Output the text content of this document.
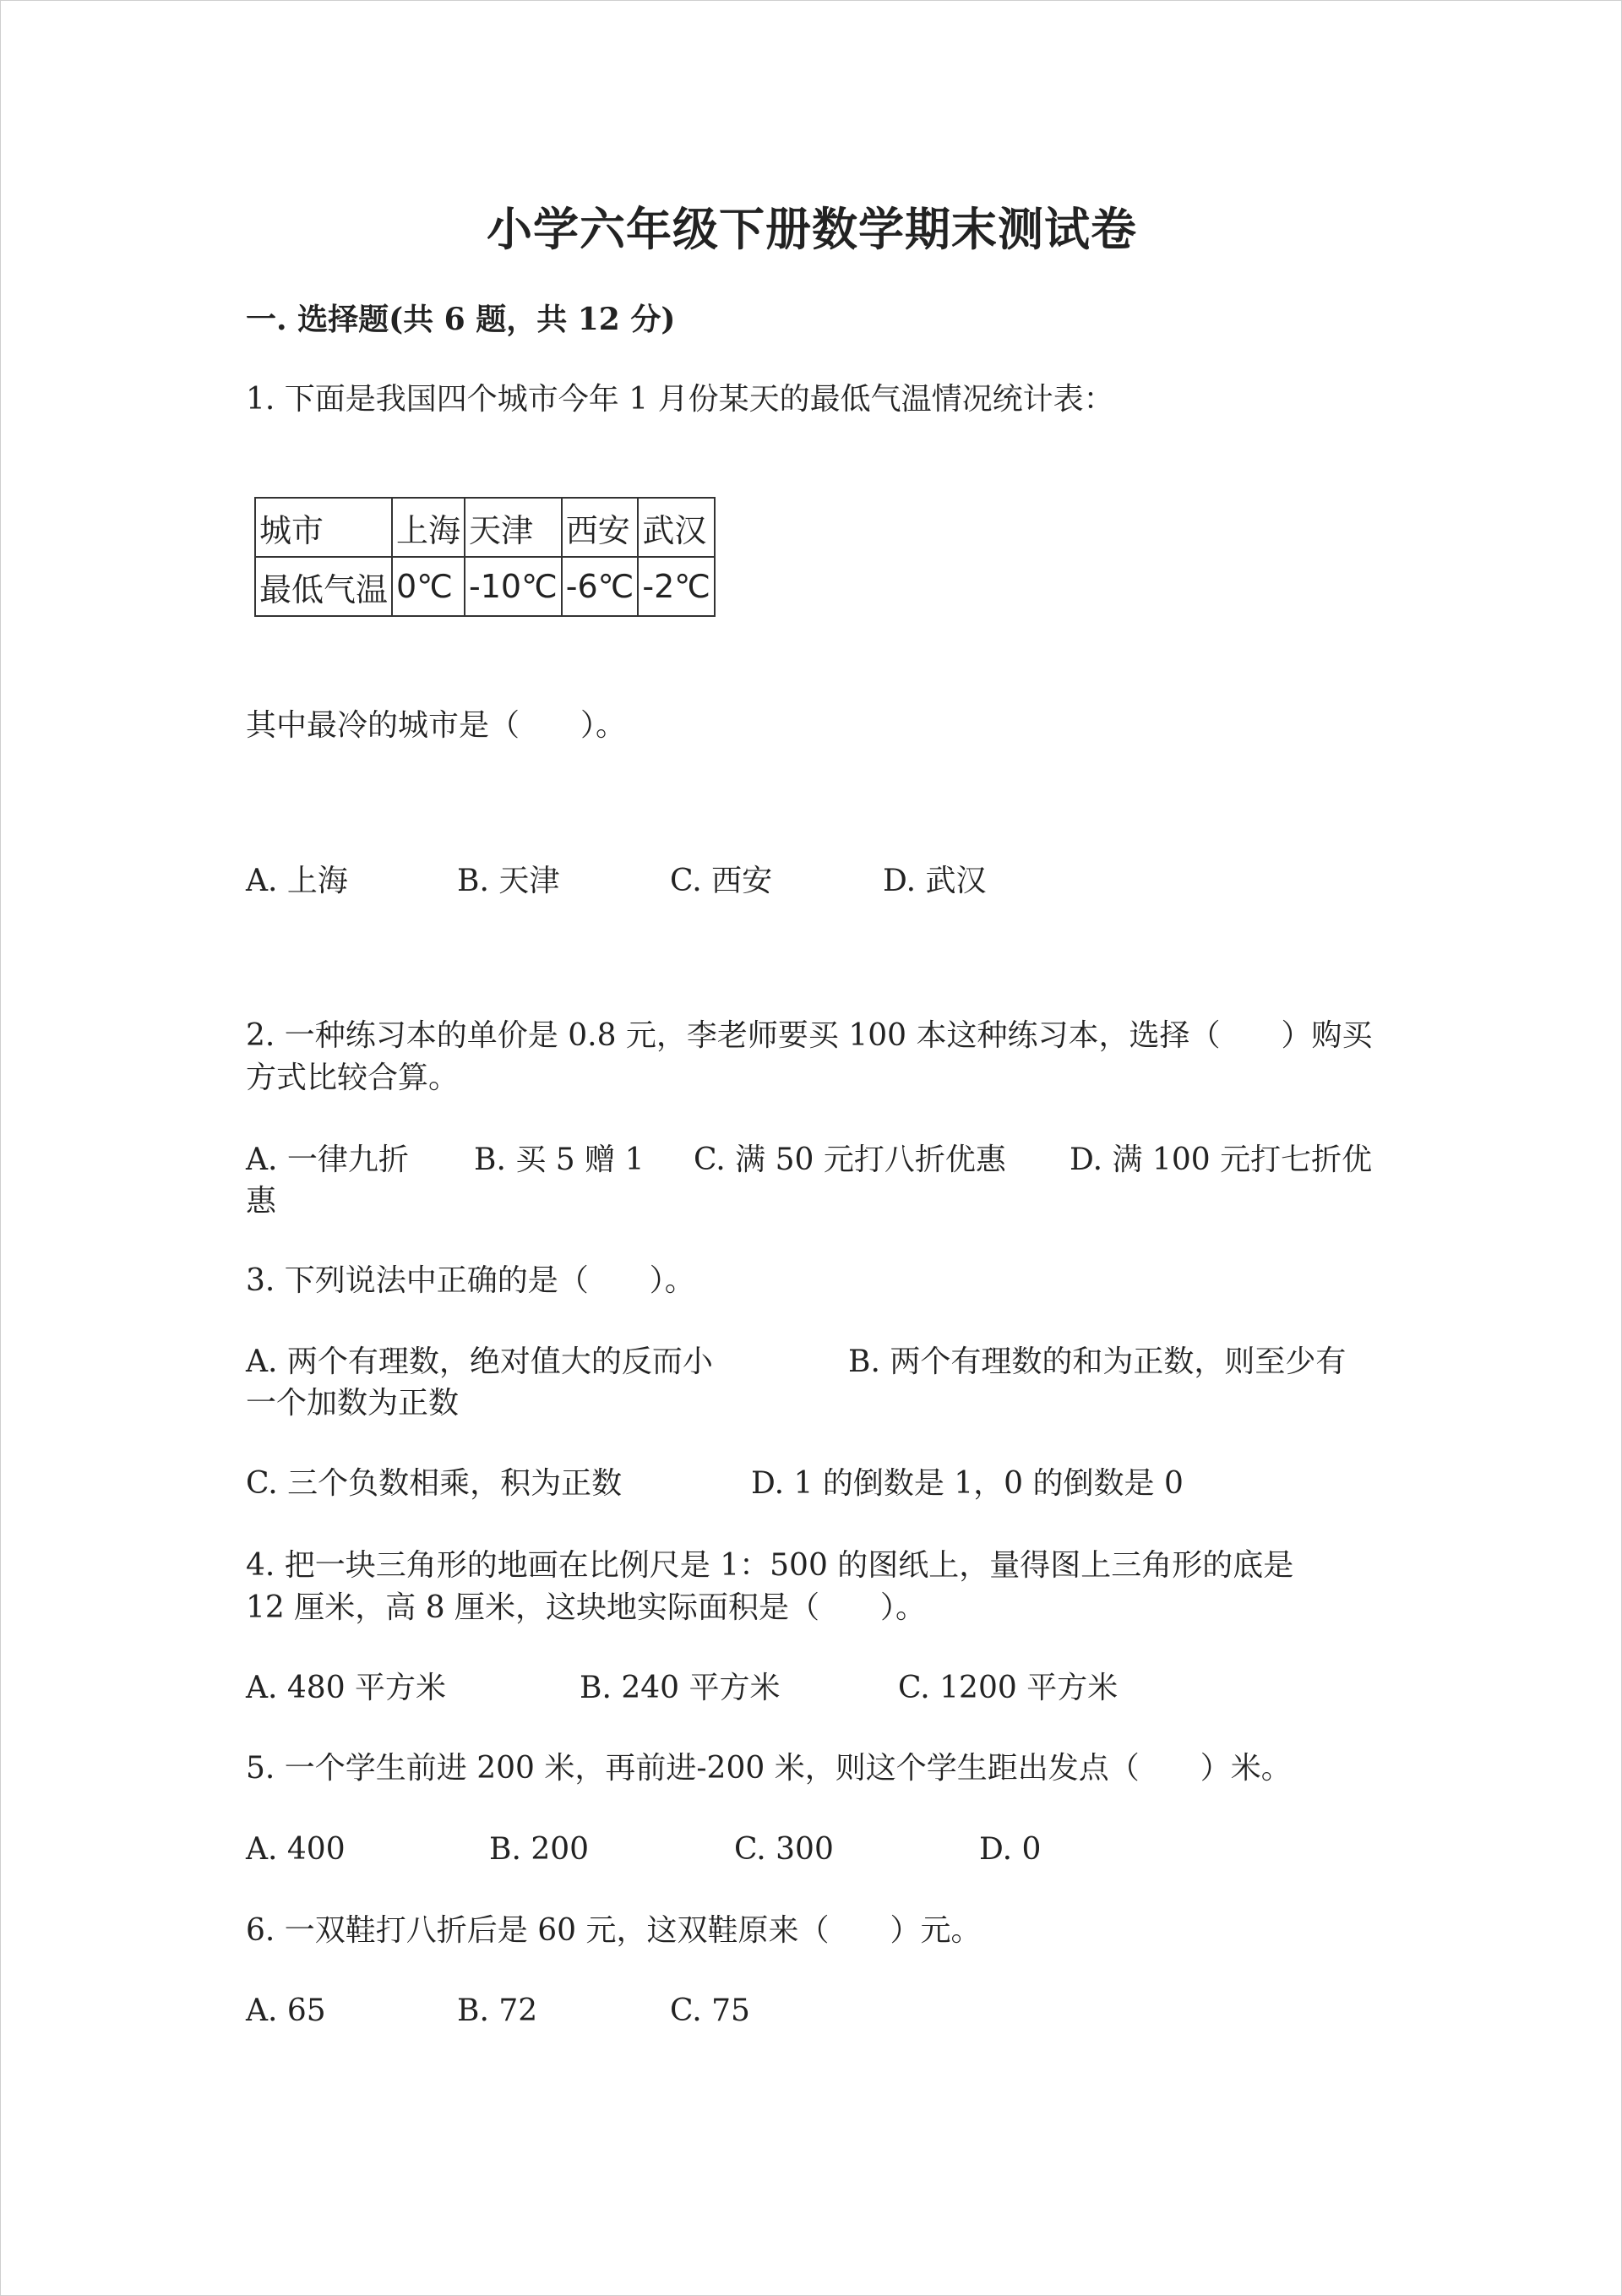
小学六年级下册数学期末测试卷
一. 选择题(共 6 题，共 12 分)
1. 下面是我国四个城市今年 1 月份某天的最低气温情况统计表：
城市	上海	天津	西安	武汉
最低气温	0℃	-10℃	-6℃	-2℃
其中最冷的城市是（　　）。
A. 上海	B. 天津	C. 西安	D. 武汉
2. 一种练习本的单价是 0.8 元，李老师要买 100 本这种练习本，选择（　　）购买方式比较合算。
A. 一律九折 B. 买 5 赠 1 C. 满 50 元打八折优惠 D. 满 100 元打七折优
惠
3. 下列说法中正确的是（　　）。
A. 两个有理数，绝对值大的反而小	B. 两个有理数的和为正数，则至少有
一个加数为正数
C. 三个负数相乘，积为正数	D. 1 的倒数是 1，0 的倒数是 0
4. 把一块三角形的地画在比例尺是 1：500 的图纸上，量得图上三角形的底是
12 厘米，高 8 厘米，这块地实际面积是（　　）。
A. 480 平方米	B. 240 平方米	C. 1200 平方米
5. 一个学生前进 200 米，再前进-200 米，则这个学生距出发点（　　）米。
A. 400	B. 200	C. 300	D. 0
6. 一双鞋打八折后是 60 元，这双鞋原来（　　）元。
A. 65	B. 72	C. 75
